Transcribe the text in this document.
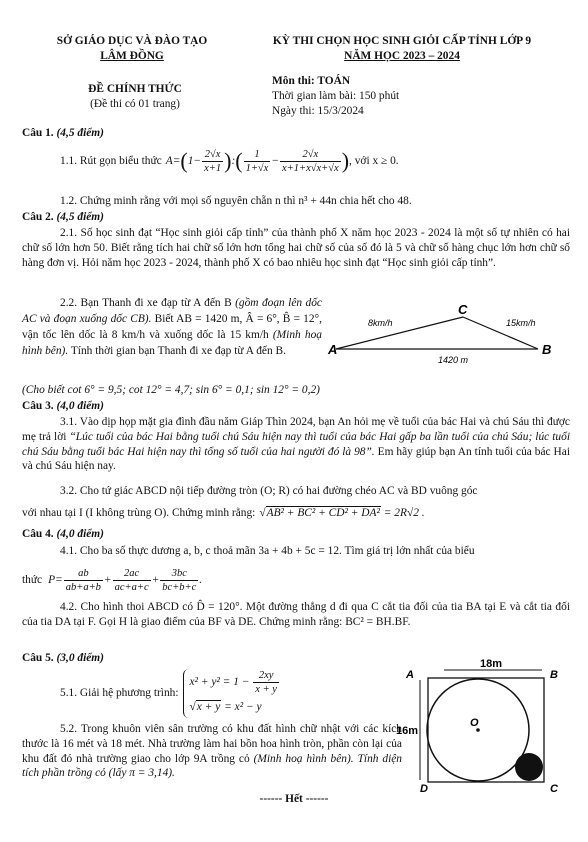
SỞ GIÁO DỤC VÀ ĐÀO TẠO
LÂM ĐỒNG
KỲ THI CHỌN HỌC SINH GIỎI CẤP TỈNH LỚP 9
NĂM HỌC 2023 – 2024
ĐỀ CHÍNH THỨC
(Đề thi có 01 trang)
Môn thi: TOÁN
Thời gian làm bài: 150 phút
Ngày thi: 15/3/2024
Câu 1. (4,5 điểm)
1.1. Rút gọn biểu thức $A=(1- \frac{2√x}{x+1}$ ):( $\frac{1}{1+√x} - \frac{2√x}{x+1+x√x+√x}$ ) , với x ≥ 0.
1.2. Chứng minh rằng với mọi số nguyên chẵn n thì n³ + 44n chia hết cho 48.
Câu 2. (4,5 điểm)
2.1. Số học sinh đạt “Học sinh giỏi cấp tỉnh” của thành phố X năm học 2023 - 2024 là một số tự nhiên có hai chữ số lớn hơn 50. Biết rằng tích hai chữ số lớn hơn tổng hai chữ số của số đó là 5 và chữ số hàng chục lớn hơn chữ số hàng đơn vị. Hỏi năm học 2023 - 2024, thành phố X có bao nhiêu học sinh đạt “Học sinh giỏi cấp tỉnh”.
2.2. Bạn Thanh đi xe đạp từ A đến B (gồm đoạn lên dốc AC và đoạn xuống dốc CB). Biết AB = 1420 m, Â = 6°, B̂ = 12°, vận tốc lên dốc là 8 km/h và xuống dốc là 15 km/h (Minh hoạ hình bên). Tính thời gian bạn Thanh đi xe đạp từ A đến B.
(Cho biết cot 6° = 9,5; cot 12° = 4,7; sin 6° = 0,1; sin 12° = 0,2)
A	B
C
8km/h	15km/h
1420 m
Câu 3. (4,0 điểm)
3.1. Vào dịp họp mặt gia đình đầu năm Giáp Thìn 2024, bạn An hỏi mẹ về tuổi của bác Hai và chú Sáu thì được mẹ trả lời “Lúc tuổi của bác Hai bằng tuổi chú Sáu hiện nay thì tuổi của bác Hai gấp ba lần tuổi của chú Sáu; lúc tuổi chú Sáu bằng tuổi bác Hai hiện nay thì tổng số tuổi của hai người đó là 98”. Em hãy giúp bạn An tính tuổi của bác Hai và chú Sáu hiện nay.
3.2. Cho tứ giác ABCD nội tiếp đường tròn (O; R) có hai đường chéo AC và BD vuông góc
với nhau tại I (I không trùng O). Chứng minh rằng: √AB² + BC² + CD² + DA² = 2R√2 .
Câu 4. (4,0 điểm)
4.1. Cho ba số thực dương a, b, c thoả mãn 3a + 4b + 5c = 12. Tìm giá trị lớn nhất của biểu
thức $P= \frac{ab}{ab+a+b} + \frac{2ac}{ac+a+c} + \frac{3bc}{bc+b+c}$ .
4.2. Cho hình thoi ABCD có D̂ = 120°. Một đường thẳng d đi qua C cắt tia đối của tia BA tại E và cắt tia đối của tia DA tại F. Gọi H là giao điểm của BF và DE. Chứng minh rằng: BC² = BH.BF.
Câu 5. (3,0 điểm)
5.1. Giải hệ phương trình:
$x^2 + y^2 = 1 - \frac{2xy}{x + y}$
√x + y = x² − y
5.2. Trong khuôn viên sân trường có khu đất hình chữ nhật với các kích thước là 16 mét và 18 mét. Nhà trường làm hai bồn hoa hình tròn, phần còn lại của khu đất đó nhà trường giao cho lớp 9A trồng cỏ (Minh hoạ hình bên). Tính diện tích phần trồng cỏ (lấy π = 3,14).
A	B
C
D
O
18m
16m
------ Hết ------
